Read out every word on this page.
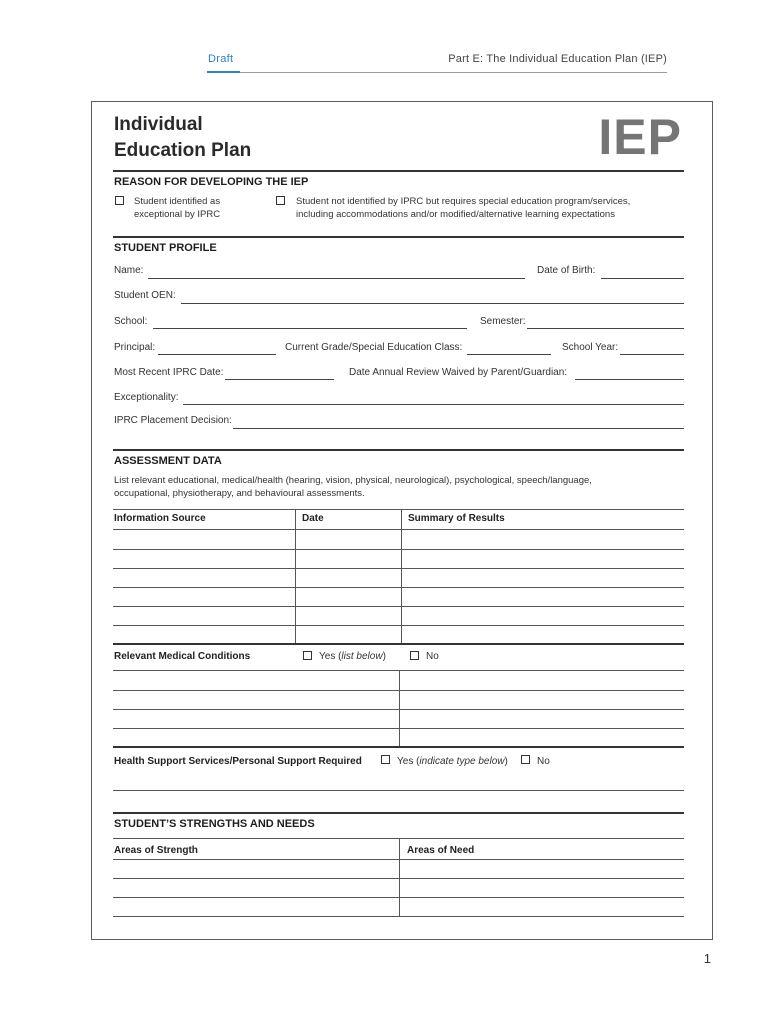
Draft	Part E: The Individual Education Plan (IEP)
Individual
Education Plan	IEP
REASON FOR DEVELOPING THE IEP
Student identified as
exceptional by IPRC
Student not identified by IPRC but requires special education program/services,
including accommodations and/or modified/alternative learning expectations
STUDENT PROFILE
Name:	Date of Birth:
Student OEN:
School:	Semester:
Principal:	Current Grade/Special Education Class:	School Year:
Most Recent IPRC Date:	Date Annual Review Waived by Parent/Guardian:
Exceptionality:
IPRC Placement Decision:
ASSESSMENT DATA
List relevant educational, medical/health (hearing, vision, physical, neurological), psychological, speech/language,
occupational, physiotherapy, and behavioural assessments.
Information Source	Date	Summary of Results
Relevant Medical Conditions	Yes (list below)	No
Health Support Services/Personal Support Required	Yes (indicate type below)	No
STUDENT’S STRENGTHS AND NEEDS
Areas of Strength	Areas of Need
1
